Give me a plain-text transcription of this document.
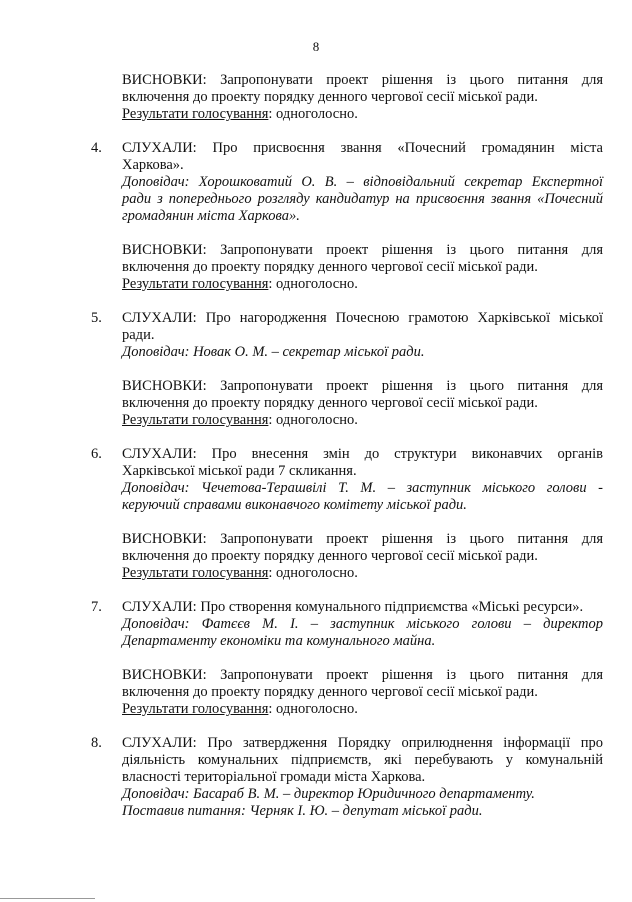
8
ВИСНОВКИ: Запропонувати проект рішення із цього питання для
включення до проекту порядку денного чергової сесії міської ради.
Результати голосування: одноголосно.
4. СЛУХАЛИ: Про присвоєння звання «Почесний громадянин міста
Харкова».
Доповідач: Хорошковатий О. В. – відповідальний секретар Експертної
ради з попереднього розгляду кандидатур на присвоєння звання «Почесний
громадянин міста Харкова».
ВИСНОВКИ: Запропонувати проект рішення із цього питання для
включення до проекту порядку денного чергової сесії міської ради.
Результати голосування: одноголосно.
5. СЛУХАЛИ: Про нагородження Почесною грамотою Харківської міської
ради.
Доповідач: Новак О. М. – секретар міської ради.
ВИСНОВКИ: Запропонувати проект рішення із цього питання для
включення до проекту порядку денного чергової сесії міської ради.
Результати голосування: одноголосно.
6. СЛУХАЛИ: Про внесення змін до структури виконавчих органів
Харківської міської ради 7 скликання.
Доповідач: Чечетова-Терашвілі Т. М. – заступник міського голови -
керуючий справами виконавчого комітету міської ради.
ВИСНОВКИ: Запропонувати проект рішення із цього питання для
включення до проекту порядку денного чергової сесії міської ради.
Результати голосування: одноголосно.
7. СЛУХАЛИ: Про створення комунального підприємства «Міські ресурси».
Доповідач: Фатєєв М. І. – заступник міського голови – директор
Департаменту економіки та комунального майна.
ВИСНОВКИ: Запропонувати проект рішення із цього питання для
включення до проекту порядку денного чергової сесії міської ради.
Результати голосування: одноголосно.
8. СЛУХАЛИ: Про затвердження Порядку оприлюднення інформації про
діяльність комунальних підприємств, які перебувають у комунальній
власності територіальної громади міста Харкова.
Доповідач: Басараб В. М. – директор Юридичного департаменту.
Поставив питання: Черняк І. Ю. – депутат міської ради.
